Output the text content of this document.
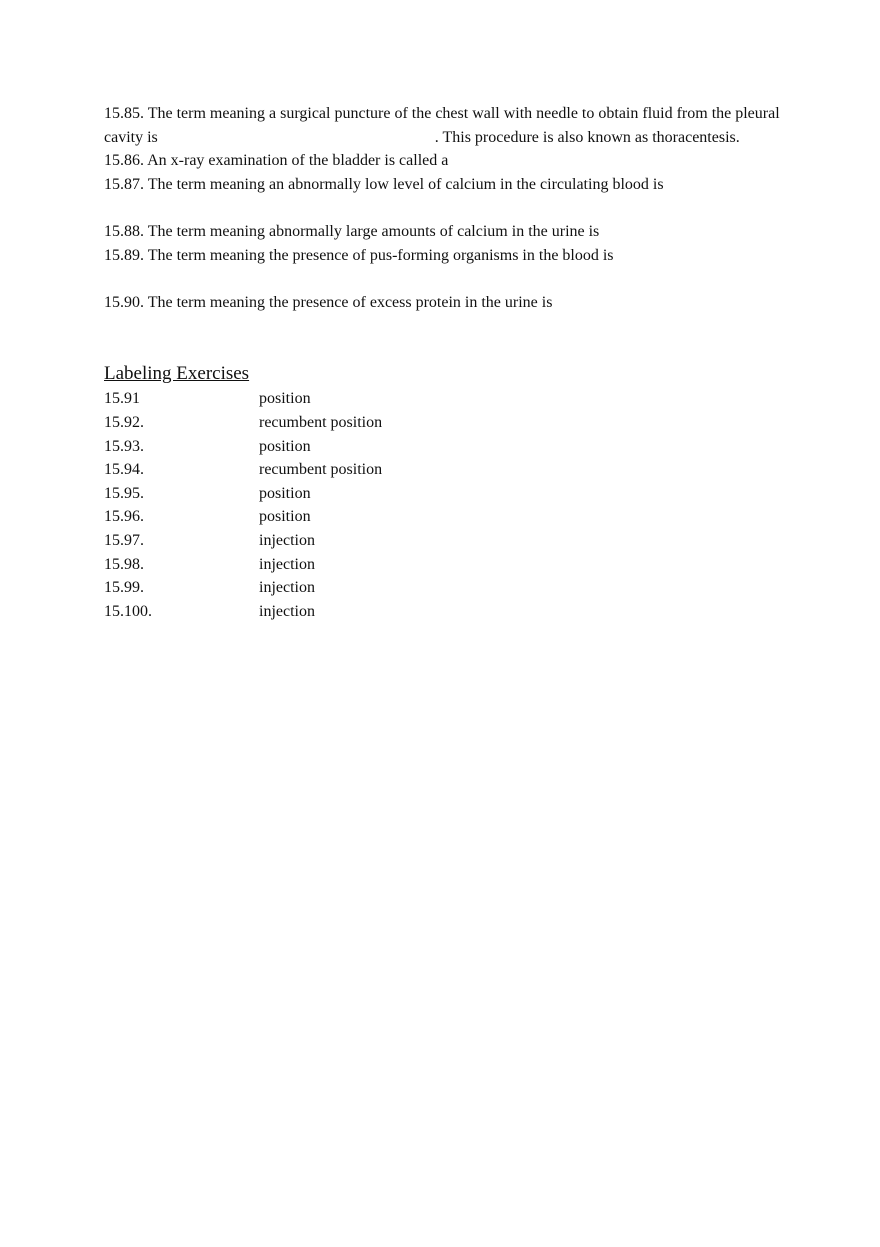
15.85. The term meaning a surgical puncture of the chest wall with needle to obtain fluid from the pleural cavity is	. This procedure is also known as thoracentesis.

15.86. An x-ray examination of the bladder is called a

15.87. The term meaning an abnormally low level of calcium in the circulating blood is

15.88. The term meaning abnormally large amounts of calcium in the urine is

15.89. The term meaning the presence of pus-forming organisms in the blood is

15.90. The term meaning the presence of excess protein in the urine is

Labeling Exercises

15.91	position
15.92.	recumbent position
15.93.	position
15.94.	recumbent position
15.95.	position
15.96.	position
15.97.	injection
15.98.	injection
15.99.	injection
15.100.	injection
